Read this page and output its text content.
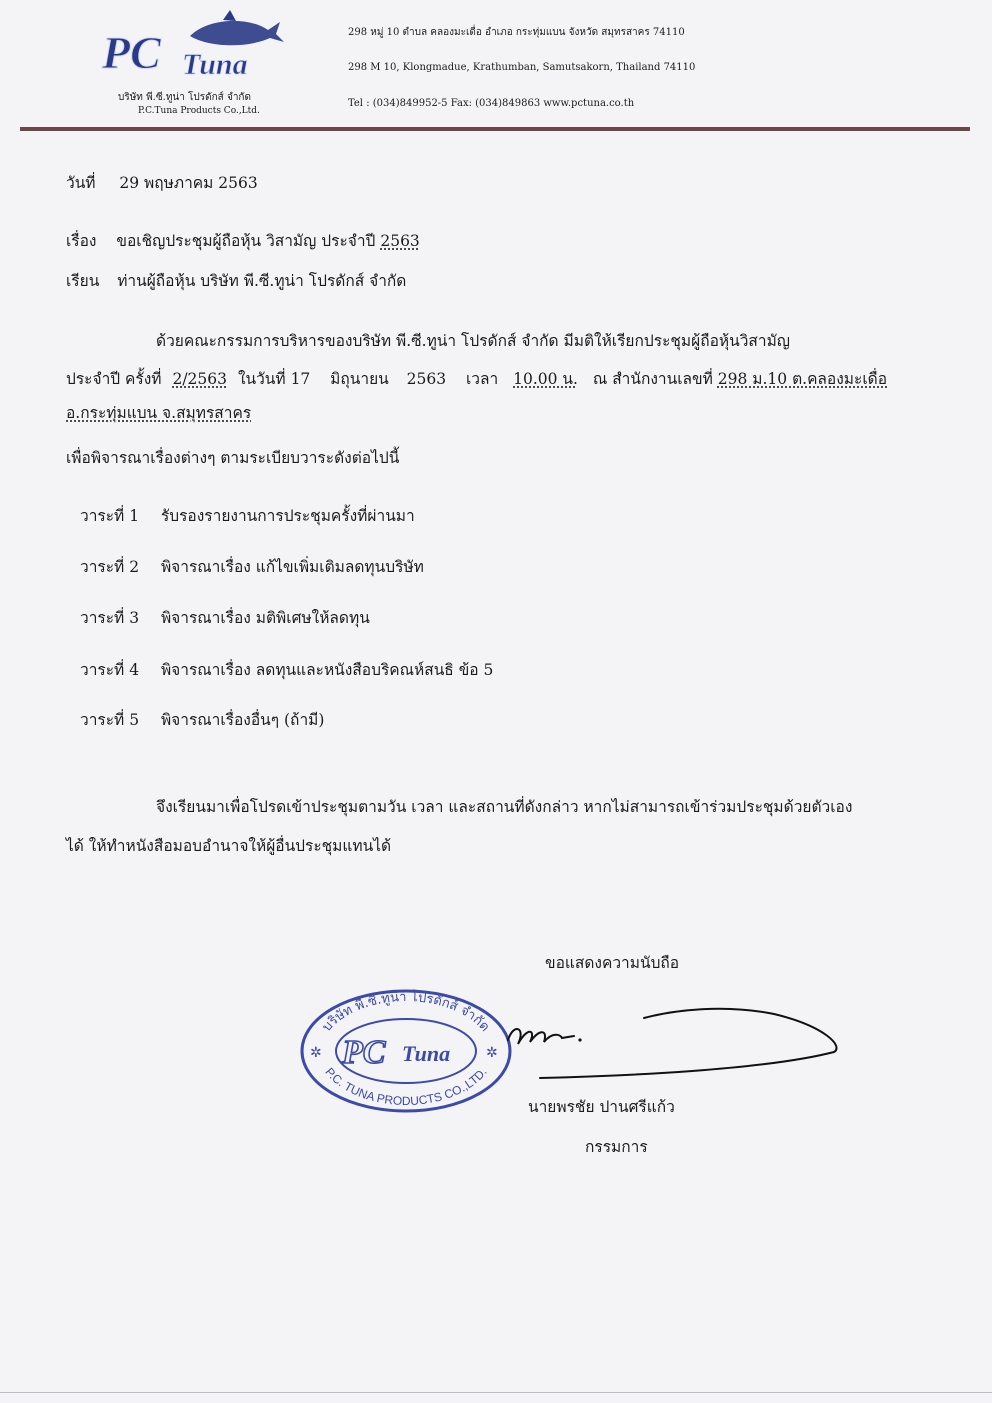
PC Tuna
บริษัท พี.ซี.ทูน่า โปรดักส์ จำกัด
P.C.Tuna Products Co.,Ltd.
298 หมู่ 10 ตำบล คลองมะเดื่อ อำเภอ กระทุ่มแบน จังหวัด สมุทรสาคร 74110
298 M 10, Klongmadue, Krathumban, Samutsakorn, Thailand 74110
Tel : (034)849952-5 Fax: (034)849863 www.pctuna.co.th
วันที่ 29 พฤษภาคม 2563
เรื่อง ขอเชิญประชุมผู้ถือหุ้น วิสามัญ ประจำปี 2563
เรียน ท่านผู้ถือหุ้น บริษัท พี.ซี.ทูน่า โปรดักส์ จำกัด
ด้วยคณะกรรมการบริหารของบริษัท พี.ซี.ทูน่า โปรดักส์ จำกัด มีมติให้เรียกประชุมผู้ถือหุ้นวิสามัญ
ประจำปี ครั้งที่ 2/2563 ในวันที่ 17 มิถุนายน 2563 เวลา 10.00 น. ณ สำนักงานเลขที่ 298 ม.10 ต.คลองมะเดื่อ
อ.กระทุ่มแบน จ.สมุทรสาคร
เพื่อพิจารณาเรื่องต่างๆ ตามระเบียบวาระดังต่อไปนี้
วาระที่ 1 รับรองรายงานการประชุมครั้งที่ผ่านมา
วาระที่ 2 พิจารณาเรื่อง แก้ไขเพิ่มเติมลดทุนบริษัท
วาระที่ 3 พิจารณาเรื่อง มติพิเศษให้ลดทุน
วาระที่ 4 พิจารณาเรื่อง ลดทุนและหนังสือบริคณห์สนธิ ข้อ 5
วาระที่ 5 พิจารณาเรื่องอื่นๆ (ถ้ามี)
จึงเรียนมาเพื่อโปรดเข้าประชุมตามวัน เวลา และสถานที่ดังกล่าว หากไม่สามารถเข้าร่วมประชุมด้วยตัวเอง
ได้ ให้ทำหนังสือมอบอำนาจให้ผู้อื่นประชุมแทนได้
ขอแสดงความนับถือ
บริษัท พี.ซี.ทูน่า โปรดักส์ จำกัด
P.C. TUNA PRODUCTS CO.,LTD.
PC Tuna
✲	✲
นายพรชัย ปานศรีแก้ว
กรรมการ
